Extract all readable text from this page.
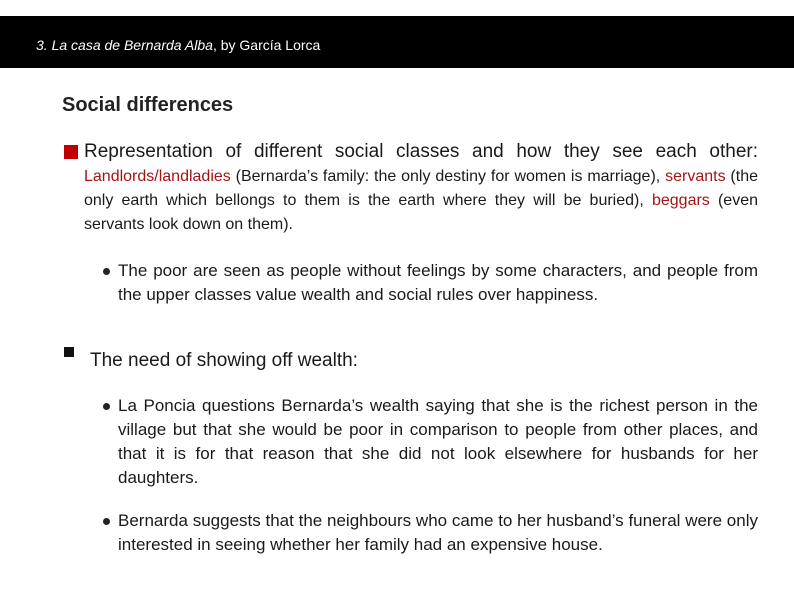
3. La casa de Bernarda Alba, by García Lorca
Social differences
Representation of different social classes and how they see each other: Landlords/landladies (Bernarda’s family: the only destiny for women is marriage), servants (the only earth which bellongs to them is the earth where they will be buried), beggars (even servants look down on them).
The poor are seen as people without feelings by some characters, and people from the upper classes value wealth and social rules over happiness.
The need of showing off wealth:
La Poncia questions Bernarda’s wealth saying that she is the richest person in the village but that she would be poor in comparison to people from other places, and that it is for that reason that she did not look elsewhere for husbands for her daughters.
Bernarda suggests that the neighbours who came to her husband’s funeral were only interested in seeing whether her family had an expensive house.
